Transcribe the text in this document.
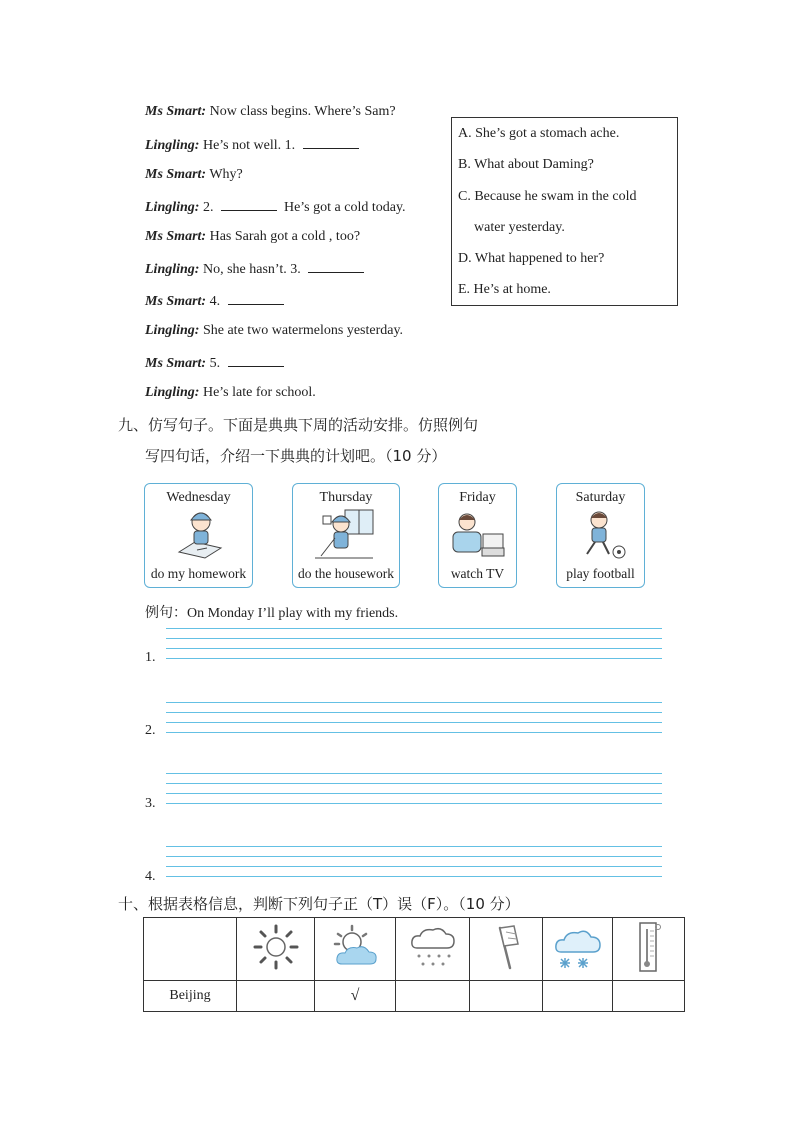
Ms Smart: Now class begins. Where’s Sam?
Lingling: He’s not well. 1.
Ms Smart: Why?
Lingling: 2.	He’s got a cold today.
Ms Smart: Has Sarah got a cold , too?
Lingling: No, she hasn’t. 3.
Ms Smart: 4.
Lingling: She ate two watermelons yesterday.
Ms Smart: 5.
Lingling: He’s late for school.
A. She’s got a stomach ache.
B. What about Daming?
C. Because he swam in the cold
water yesterday.
D. What happened to her?
E. He’s at home.
九、仿写句子。下面是典典下周的活动安排。仿照例句
写四句话，介绍一下典典的计划吧。（10 分）
Wednesday
do my homework
Thursday
do the housework
Friday
watch TV
Saturday
play football
例句：On Monday I’ll play with my friends.
1.
2.
3.
4.
十、根据表格信息，判断下列句子正（T）误（F）。（10 分）

Beijing		√				
